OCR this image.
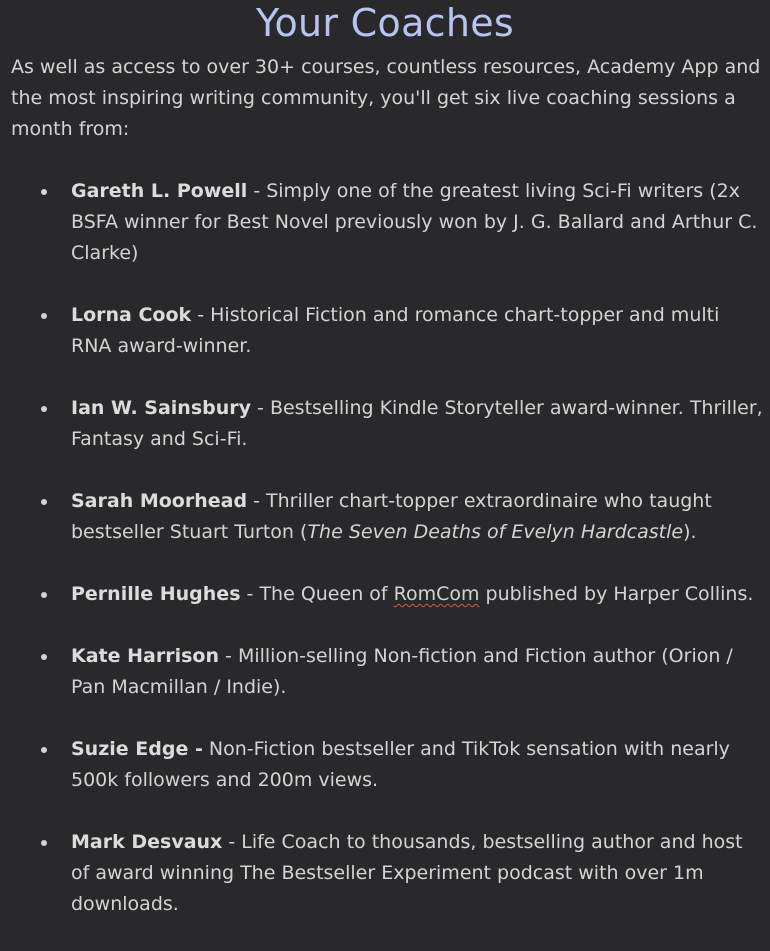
Your Coaches

As well as access to over 30+ courses, countless resources, Academy App and the most inspiring writing community, you'll get six live coaching sessions a month from:

Gareth L. Powell - Simply one of the greatest living Sci-Fi writers (2x BSFA winner for Best Novel previously won by J. G. Ballard and Arthur C. Clarke)
Lorna Cook - Historical Fiction and romance chart-topper and multi RNA award-winner.
Ian W. Sainsbury - Bestselling Kindle Storyteller award-winner. Thriller, Fantasy and Sci-Fi.
Sarah Moorhead - Thriller chart-topper extraordinaire who taught bestseller Stuart Turton (The Seven Deaths of Evelyn Hardcastle).
Pernille Hughes - The Queen of RomCom published by Harper Collins.
Kate Harrison - Million-selling Non-fiction and Fiction author (Orion / Pan Macmillan / Indie).
Suzie Edge - Non-Fiction bestseller and TikTok sensation with nearly 500k followers and 200m views.
Mark Desvaux - Life Coach to thousands, bestselling author and host of award winning The Bestseller Experiment podcast with over 1m downloads.
